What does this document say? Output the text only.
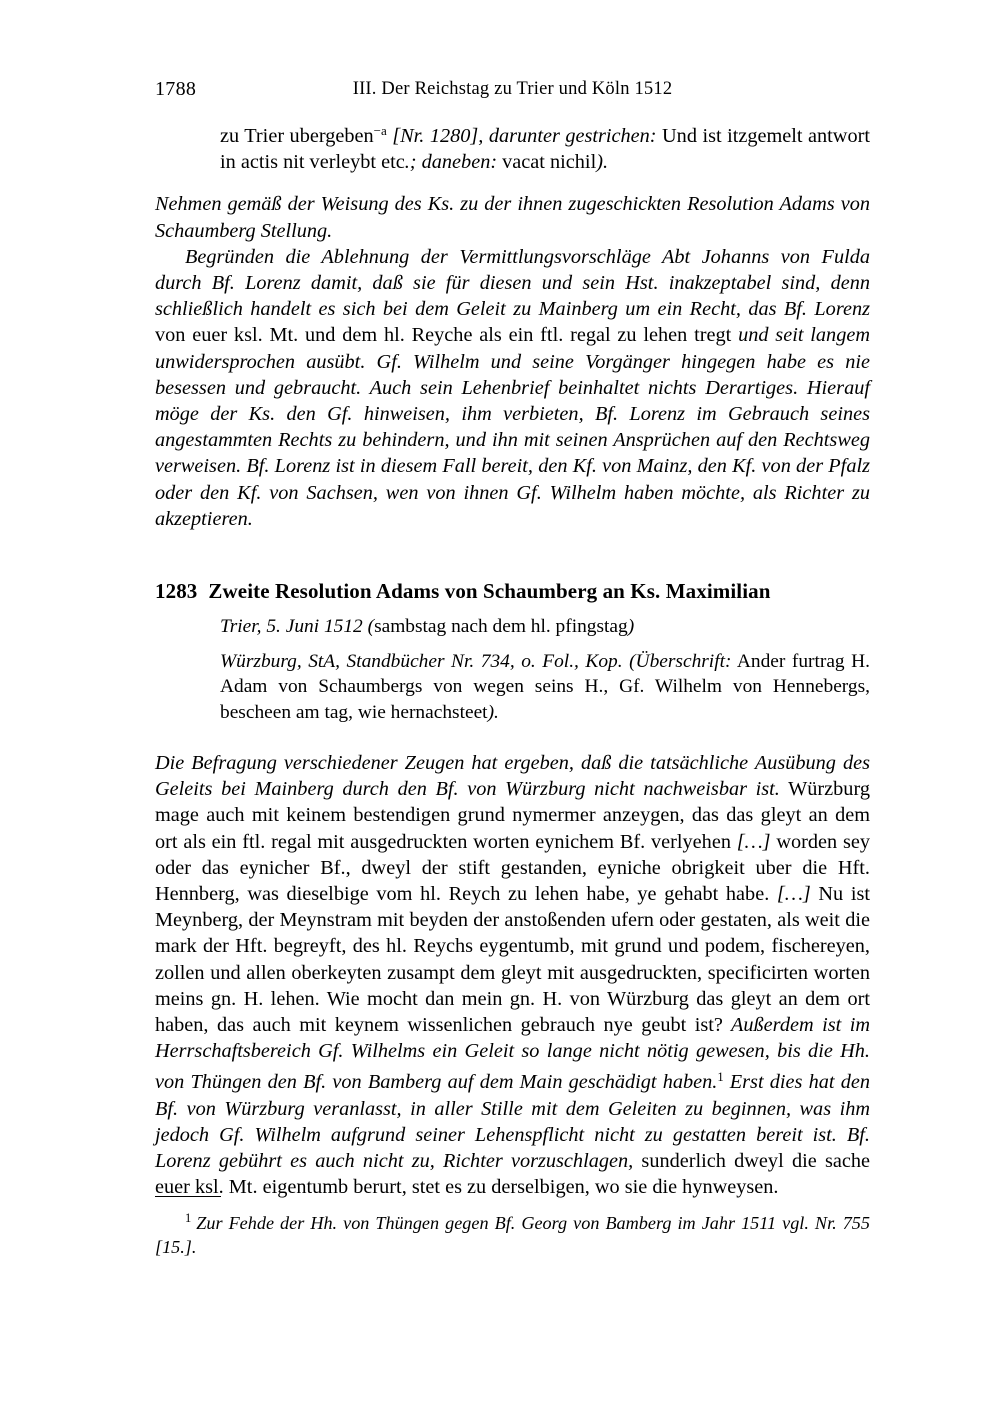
1788	III. Der Reichstag zu Trier und Köln 1512

zu Trier ubergeben$^{-a}$ [Nr. 1280], darunter gestrichen: Und ist itzgemelt antwort in actis nit verleybt etc.; daneben: vacat nichil).

Nehmen gemäß der Weisung des Ks. zu der ihnen zugeschickten Resolution Adams von Schaumberg Stellung.

Begründen die Ablehnung der Vermittlungsvorschläge Abt Johanns von Fulda durch Bf. Lorenz damit, daß sie für diesen und sein Hst. inakzeptabel sind, denn schließlich handelt es sich bei dem Geleit zu Mainberg um ein Recht, das Bf. Lorenz von euer ksl. Mt. und dem hl. Reyche als ein ftl. regal zu lehen tregt und seit langem unwidersprochen ausübt. Gf. Wilhelm und seine Vorgänger hingegen habe es nie besessen und gebraucht. Auch sein Lehenbrief beinhaltet nichts Derartiges. Hierauf möge der Ks. den Gf. hinweisen, ihm verbieten, Bf. Lorenz im Gebrauch seines angestammten Rechts zu behindern, und ihn mit seinen Ansprüchen auf den Rechtsweg verweisen. Bf. Lorenz ist in diesem Fall bereit, den Kf. von Mainz, den Kf. von der Pfalz oder den Kf. von Sachsen, wen von ihnen Gf. Wilhelm haben möchte, als Richter zu akzeptieren.

1283 Zweite Resolution Adams von Schaumberg an Ks. Maximilian

Trier, 5. Juni 1512 (sambstag nach dem hl. pfingstag)

Würzburg, StA, Standbücher Nr. 734, o. Fol., Kop. (Überschrift: Ander furtrag H. Adam von Schaumbergs von wegen seins H., Gf. Wilhelm von Hennebergs, bescheen am tag, wie hernachsteet).

Die Befragung verschiedener Zeugen hat ergeben, daß die tatsächliche Ausübung des Geleits bei Mainberg durch den Bf. von Würzburg nicht nachweisbar ist. Würzburg mage auch mit keinem bestendigen grund nymermer anzeygen, das das gleyt an dem ort als ein ftl. regal mit ausgedruckten worten eynichem Bf. verlyehen […] worden sey oder das eynicher Bf., dweyl der stift gestanden, eyniche obrigkeit uber die Hft. Hennberg, was dieselbige vom hl. Reych zu lehen habe, ye gehabt habe. […] Nu ist Meynberg, der Meynstram mit beyden der anstoßenden ufern oder gestaten, als weit die mark der Hft. begreyft, des hl. Reychs eygentumb, mit grund und podem, fischereyen, zollen und allen oberkeyten zusampt dem gleyt mit ausgedruckten, specificirten worten meins gn. H. lehen. Wie mocht dan mein gn. H. von Würzburg das gleyt an dem ort haben, das auch mit keynem wissenlichen gebrauch nye geubt ist? Außerdem ist im Herrschaftsbereich Gf. Wilhelms ein Geleit so lange nicht nötig gewesen, bis die Hh. von Thüngen den Bf. von Bamberg auf dem Main geschädigt haben.$^1$ Erst dies hat den Bf. von Würzburg veranlasst, in aller Stille mit dem Geleiten zu beginnen, was ihm jedoch Gf. Wilhelm aufgrund seiner Lehenspflicht nicht zu gestatten bereit ist. Bf. Lorenz gebührt es auch nicht zu, Richter vorzuschlagen, sunderlich dweyl die sache euer ksl. Mt. eigentumb berurt, stet es zu derselbigen, wo sie die hynweysen.

$^1$ Zur Fehde der Hh. von Thüngen gegen Bf. Georg von Bamberg im Jahr 1511 vgl. Nr. 755 [15.].
